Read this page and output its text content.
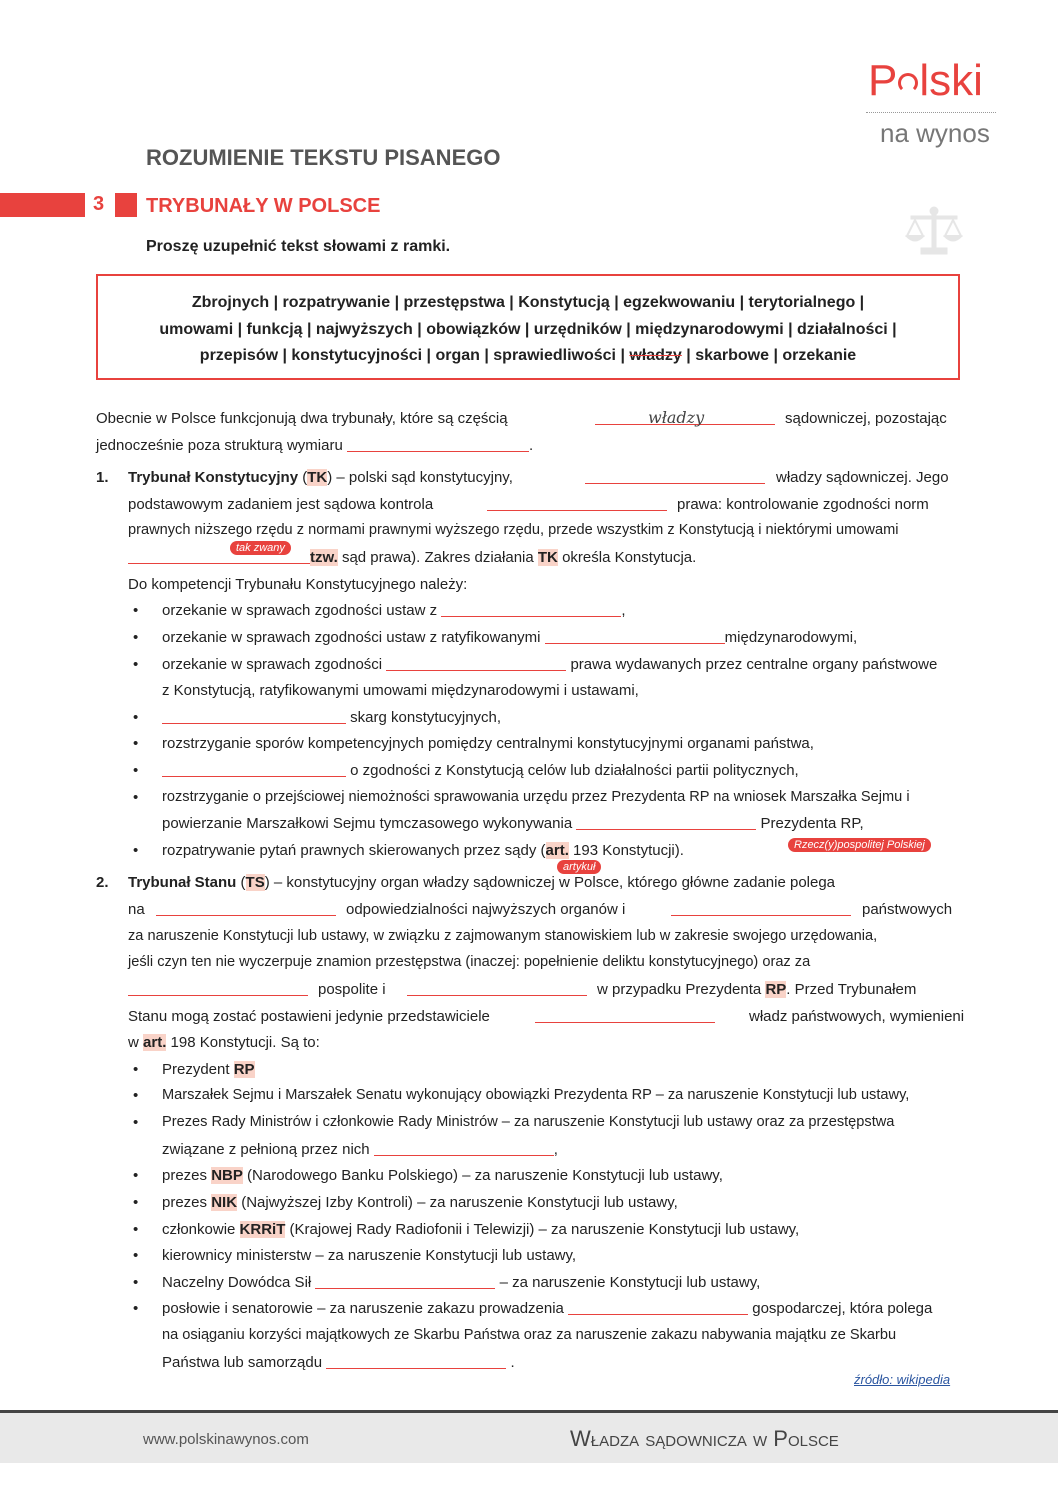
P lski
na wynos
ROZUMIENIE TEKSTU PISANEGO
3 TRYBUNAŁY W POLSCE
Proszę uzupełnić tekst słowami z ramki.
Zbrojnych | rozpatrywanie | przestępstwa | Konstytucją | egzekwowaniu | terytorialnego |
umowami | funkcją | najwyższych | obowiązków | urzędników | międzynarodowymi | działalności |
przepisów | konstytucyjności | organ | sprawiedliwości | władzy | skarbowe | orzekanie
Obecnie w Polsce funkcjonują dwa trybunały, które są częścią	władzy	sądowniczej, pozostając
jednocześnie poza strukturą wymiaru	.
1. Trybunał Konstytucyjny (TK) – polski sąd konstytucyjny,	władzy sądowniczej. Jego
podstawowym zadaniem jest sądowa kontrola	prawa: kontrolowanie zgodności norm
prawnych niższego rzędu z normami prawnymi wyższego rzędu, przede wszystkim z Konstytucją i niektórymi umowami
tzw. sąd prawa). Zakres działania TK określa Konstytucja.
tak zwany
Do kompetencji Trybunału Konstytucyjnego należy:
• orzekanie w sprawach zgodności ustaw z	,
• orzekanie w sprawach zgodności ustaw z ratyfikowanymi	międzynarodowymi,
• orzekanie w sprawach zgodności	prawa wydawanych przez centralne organy państwowe
z Konstytucją, ratyfikowanymi umowami międzynarodowymi i ustawami,
•	skarg konstytucyjnych,
• rozstrzyganie sporów kompetencyjnych pomiędzy centralnymi konstytucyjnymi organami państwa,
•	o zgodności z Konstytucją celów lub działalności partii politycznych,
• rozstrzyganie o przejściowej niemożności sprawowania urzędu przez Prezydenta RP na wniosek Marszałka Sejmu i
powierzanie Marszałkowi Sejmu tymczasowego wykonywania	Prezydenta RP,
Rzecz(y)pospolitej Polskiej
• rozpatrywanie pytań prawnych skierowanych przez sądy (art. 193 Konstytucji).
artykuł
2. Trybunał Stanu (TS) – konstytucyjny organ władzy sądowniczej w Polsce, którego główne zadanie polega
na	odpowiedzialności najwyższych organów i	państwowych
za naruszenie Konstytucji lub ustawy, w związku z zajmowanym stanowiskiem lub w zakresie swojego urzędowania,
jeśli czyn ten nie wyczerpuje znamion przestępstwa (inaczej: popełnienie deliktu konstytucyjnego) oraz za
pospolite i	w przypadku Prezydenta RP. Przed Trybunałem
Stanu mogą zostać postawieni jedynie przedstawiciele	władz państwowych, wymienieni
w art. 198 Konstytucji. Są to:
• Prezydent RP
• Marszałek Sejmu i Marszałek Senatu wykonujący obowiązki Prezydenta RP – za naruszenie Konstytucji lub ustawy,
• Prezes Rady Ministrów i członkowie Rady Ministrów – za naruszenie Konstytucji lub ustawy oraz za przestępstwa
związane z pełnioną przez nich	,
• prezes NBP (Narodowego Banku Polskiego) – za naruszenie Konstytucji lub ustawy,
• prezes NIK (Najwyższej Izby Kontroli) – za naruszenie Konstytucji lub ustawy,
• członkowie KRRiT (Krajowej Rady Radiofonii i Telewizji) – za naruszenie Konstytucji lub ustawy,
• kierownicy ministerstw – za naruszenie Konstytucji lub ustawy,
• Naczelny Dowódca Sił	– za naruszenie Konstytucji lub ustawy,
• posłowie i senatorowie – za naruszenie zakazu prowadzenia	gospodarczej, która polega
na osiąganiu korzyści majątkowych ze Skarbu Państwa oraz za naruszenie zakazu nabywania majątku ze Skarbu
Państwa lub samorządu	.
źródło: wikipedia
www.polskinawynos.com	Władza sądownicza w Polsce
